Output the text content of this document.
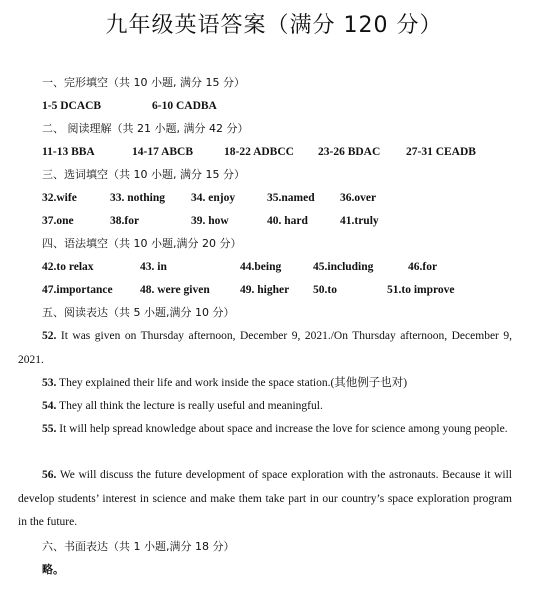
九年级英语答案（满分 120 分）
一、完形填空（共 10 小题, 满分 15 分）
1-5 DCACB	6-10 CADBA
二、 阅读理解（共 21 小题, 满分 42 分）
11-13 BBA	14-17 ABCB	18-22 ADBCC 23-26 BDAC 27-31 CEADB
三、选词填空（共 10 小题, 满分 15 分）
32.wife	33. nothing 34. enjoy	35.named 36.over
37.one	38.for	39. how	40. hard	41.truly
四、语法填空（共 10 小题,满分 20 分）
42.to relax	43. in	44.being	45.including	46.for
47.importance 48. were given	49. higher 50.to	51.to improve
五、阅读表达（共 5 小题,满分 10 分）
52. It was given on Thursday afternoon, December 9, 2021./On Thursday afternoon, December 9, 2021.
53. They explained their life and work inside the space station.(其他例子也对)
54. They all think the lecture is really useful and meaningful.
55. It will help spread knowledge about space and increase the love for science among young people.
56. We will discuss the future development of space exploration with the astronauts. Because it will develop students’ interest in science and make them take part in our country’s space exploration program in the future.
六、书面表达（共 1 小题,满分 18 分）
略。
